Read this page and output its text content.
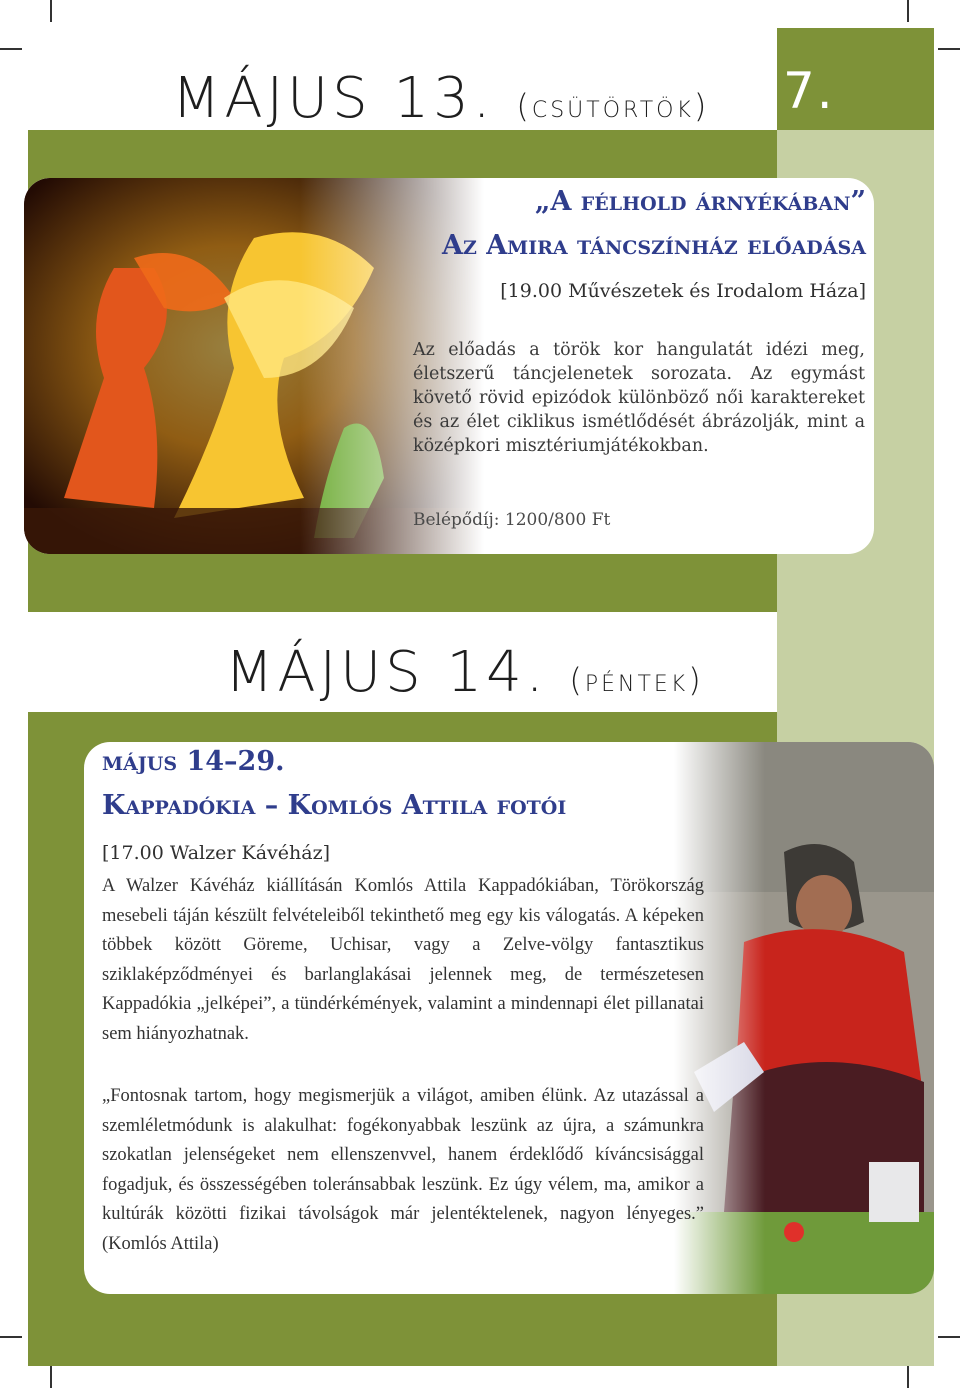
7.
MÁJUS 13. (csütörtök)
„A félhold árnyékában”
Az Amira táncszínház előadása
[19.00 Művészetek és Irodalom Háza]
Az előadás a török kor hangulatát idézi meg, életszerű táncjelenetek sorozata. Az egymást követő rövid epizódok különböző női karaktereket és az élet ciklikus ismétlődését ábrázolják, mint a középkori misztériumjátékokban.
Belépődíj: 1200/800 Ft
MÁJUS 14. (péntek)
május 14–29.
Kappadókia – Komlós Attila fotói
[17.00 Walzer Kávéház]
A Walzer Kávéház kiállításán Komlós Attila Kappadókiában, Törökország mesebeli táján készült felvételeiből tekinthető meg egy kis válogatás. A képeken többek között Göreme, Uchisar, vagy a Zelve-völgy fantasztikus sziklaképződményei és barlanglakásai jelennek meg, de természetesen Kappadókia „jelképei”, a tündérkémények, valamint a mindennapi élet pillanatai sem hiányozhatnak.
„Fontosnak tartom, hogy megismerjük a világot, amiben élünk. Az utazással a szemléletmódunk is alakulhat: fogékonyabbak leszünk az újra, a számunkra szokatlan jelenségeket nem ellenszenvvel, hanem érdeklődő kíváncsisággal fogadjuk, és összességében toleránsabbak leszünk. Ez úgy vélem, ma, amikor a kultúrák közötti fizikai távolságok már jelentéktelenek, nagyon lényeges.” (Komlós Attila)
